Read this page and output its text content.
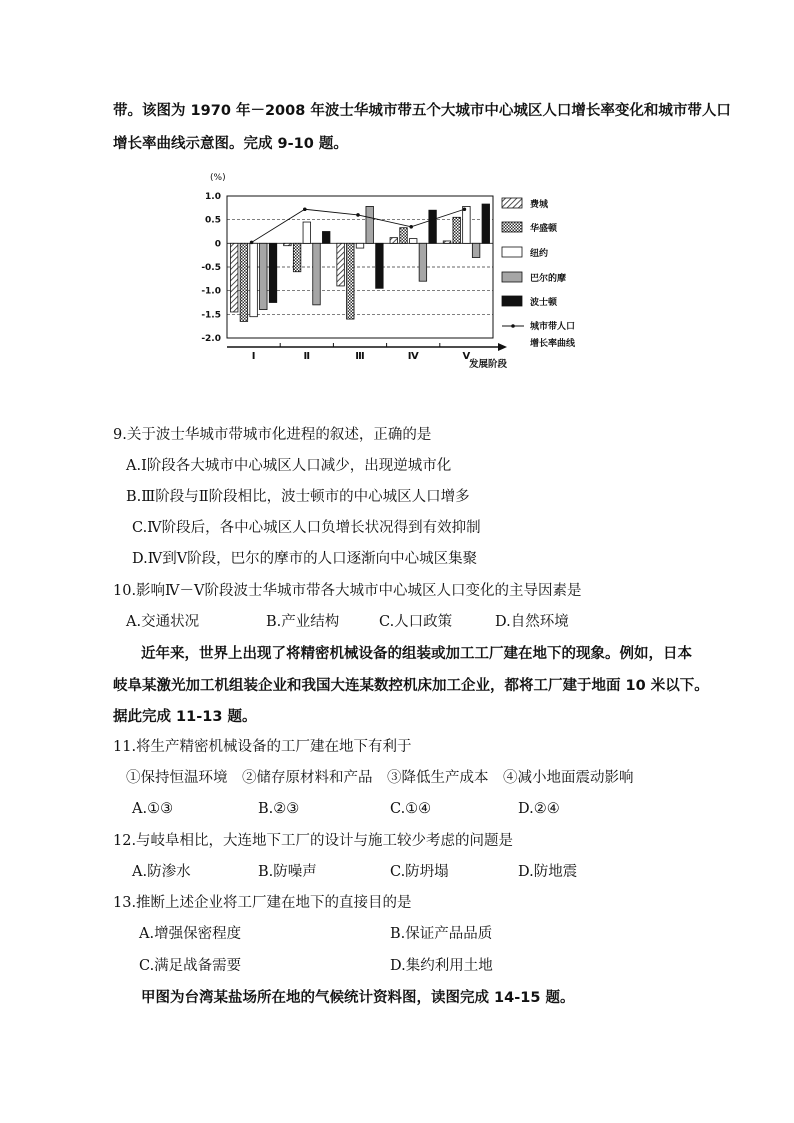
带。该图为 1970 年－2008 年波士华城市带五个大城市中心城区人口增长率变化和城市带人口
增长率曲线示意图。完成 9-10 题。
(%)
1.0
0.5
0
-0.5
-1.0
-1.5
-2.0
发展阶段
Ⅰ	Ⅱ	Ⅲ	Ⅳ	Ⅴ
费城
华盛顿
纽约
巴尔的摩
波士顿
城市带人口
增长率曲线
9.关于波士华城市带城市化进程的叙述，正确的是
A.Ⅰ阶段各大城市中心城区人口减少，出现逆城市化
B.Ⅲ阶段与Ⅱ阶段相比，波士顿市的中心城区人口增多
C.Ⅳ阶段后，各中心城区人口负增长状况得到有效抑制
D.Ⅳ到Ⅴ阶段，巴尔的摩市的人口逐渐向中心城区集聚
10.影响Ⅳ－Ⅴ阶段波士华城市带各大城市中心城区人口变化的主导因素是
A.交通状况	B.产业结构	C.人口政策	D.自然环境
近年来，世界上出现了将精密机械设备的组装或加工工厂建在地下的现象。例如，日本
岐阜某激光加工机组装企业和我国大连某数控机床加工企业，都将工厂建于地面 10 米以下。
据此完成 11-13 题。
11.将生产精密机械设备的工厂建在地下有利于
①保持恒温环境　②储存原材料和产品　③降低生产成本　④减小地面震动影响
A.①③	B.②③	C.①④	D.②④
12.与岐阜相比，大连地下工厂的设计与施工较少考虑的问题是
A.防渗水	B.防噪声	C.防坍塌	D.防地震
13.推断上述企业将工厂建在地下的直接目的是
A.增强保密程度	B.保证产品品质
C.满足战备需要	D.集约利用土地
甲图为台湾某盐场所在地的气候统计资料图，读图完成 14-15 题。
